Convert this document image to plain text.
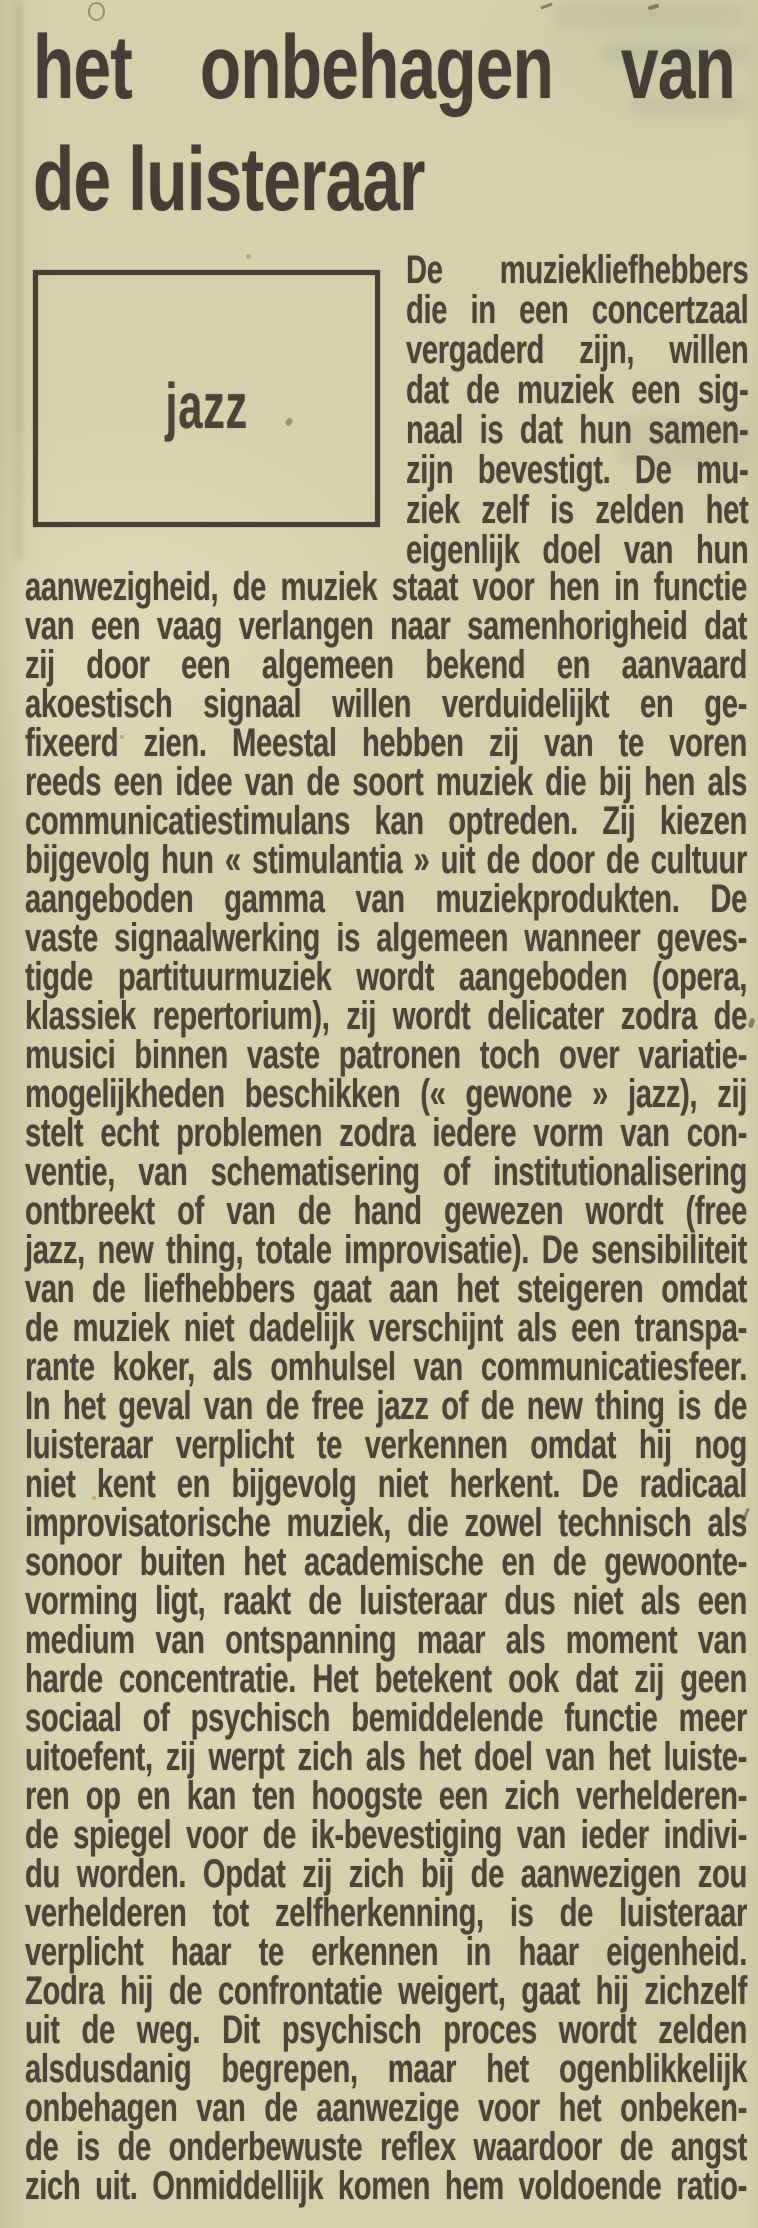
het onbehagen van
de luisteraar
jazz
De muziekliefhebbers
die in een concertzaal
vergaderd zijn, willen
dat de muziek een sig-
naal is dat hun samen-
zijn bevestigt. De mu-
ziek zelf is zelden het
eigenlijk doel van hun
aanwezigheid, de muziek staat voor hen in functie
van een vaag verlangen naar samenhorigheid dat
zij door een algemeen bekend en aanvaard
akoestisch signaal willen verduidelijkt en ge-
fixeerd zien. Meestal hebben zij van te voren
reeds een idee van de soort muziek die bij hen als
communicatiestimulans kan optreden. Zij kiezen
bijgevolg hun « stimulantia » uit de door de cultuur
aangeboden gamma van muziekprodukten. De
vaste signaalwerking is algemeen wanneer geves-
tigde partituurmuziek wordt aangeboden (opera,
klassiek repertorium), zij wordt delicater zodra de
musici binnen vaste patronen toch over variatie-
mogelijkheden beschikken (« gewone » jazz), zij
stelt echt problemen zodra iedere vorm van con-
ventie, van schematisering of institutionalisering
ontbreekt of van de hand gewezen wordt (free
jazz, new thing, totale improvisatie). De sensibiliteit
van de liefhebbers gaat aan het steigeren omdat
de muziek niet dadelijk verschijnt als een transpa-
rante koker, als omhulsel van communicatiesfeer.
In het geval van de free jazz of de new thing is de
luisteraar verplicht te verkennen omdat hij nog
niet kent en bijgevolg niet herkent. De radicaal
improvisatorische muziek, die zowel technisch als
sonoor buiten het academische en de gewoonte-
vorming ligt, raakt de luisteraar dus niet als een
medium van ontspanning maar als moment van
harde concentratie. Het betekent ook dat zij geen
sociaal of psychisch bemiddelende functie meer
uitoefent, zij werpt zich als het doel van het luiste-
ren op en kan ten hoogste een zich verhelderen-
de spiegel voor de ik-bevestiging van ieder indivi-
du worden. Opdat zij zich bij de aanwezigen zou
verhelderen tot zelfherkenning, is de luisteraar
verplicht haar te erkennen in haar eigenheid.
Zodra hij de confrontatie weigert, gaat hij zichzelf
uit de weg. Dit psychisch proces wordt zelden
alsdusdanig begrepen, maar het ogenblikkelijk
onbehagen van de aanwezige voor het onbeken-
de is de onderbewuste reflex waardoor de angst
zich uit. Onmiddellijk komen hem voldoende ratio-
